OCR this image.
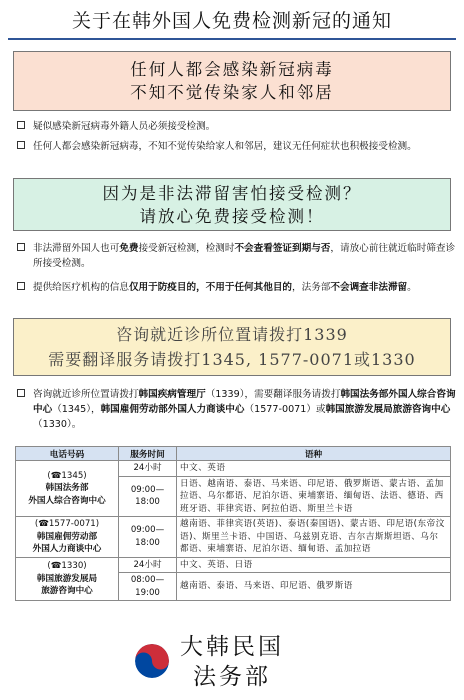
关于在韩外国人免费检测新冠的通知
任何人都会感染新冠病毒
不知不觉传染家人和邻居
疑似感染新冠病毒外籍人员必须接受检测。
任何人都会感染新冠病毒，不知不觉传染给家人和邻居，建议无任何症状也积极接受检测。
因为是非法滞留害怕接受检测？
请放心免费接受检测！
非法滞留外国人也可免费接受新冠检测，检测时不会查看签证到期与否，请放心前往就近临时筛查诊所接受检测。
提供给医疗机构的信息仅用于防疫目的，不用于任何其他目的，法务部不会调查非法滞留。
咨询就近诊所位置请拨打1339
需要翻译服务请拨打1345, 1577-0071或1330
咨询就近诊所位置请拨打韩国疾病管理厅（1339），需要翻译服务请拨打韩国法务部外国人综合咨询中心（1345），韩国雇佣劳动部外国人力商谈中心（1577-0071）或韩国旅游发展局旅游咨询中心（1330）。
电话号码	服务时间	语种

(☎1345)
韩国法务部
外国人综合咨询中心	24小时	中文、英语
	09:00—18:00	日语、越南语、泰语、马来语、印尼语、俄罗斯语、蒙古语、孟加拉语、乌尔都语、尼泊尔语、柬埔寨语、缅甸语、法语、德语、西班牙语、菲律宾语、阿拉伯语、斯里兰卡语

(☎1577-0071)
韩国雇佣劳动部
外国人力商谈中心	09:00—18:00	越南语、菲律宾语(英语)、泰语(秦国语)、蒙古语、印尼语(东帝汶语)、斯里兰卡语、中国语、乌兹别克语、吉尔吉斯斯坦语、乌尔都语、柬埔寨语、尼泊尔语、缅甸语、孟加拉语

(☎1330)
韩国旅游发展局
旅游咨询中心	24小时	中文、英语、日语
	08:00—19:00	越南语、泰语、马来语、印尼语、俄罗斯语
大韩民国
法务部
